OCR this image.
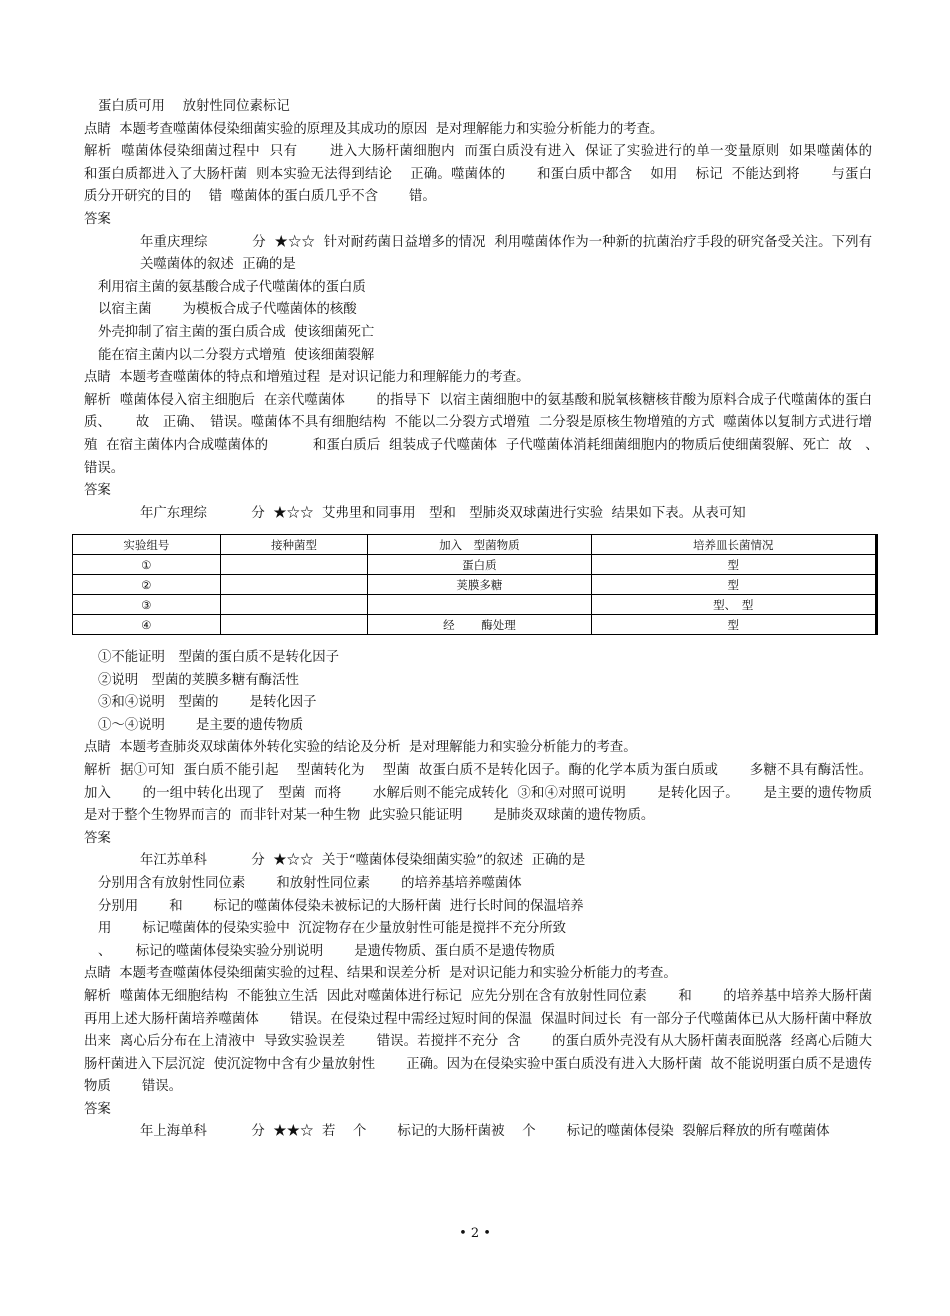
蛋白质可用　 放射性同位素标记

点睛  本题考查噬菌体侵染细菌实验的原理及其成功的原因  是对理解能力和实验分析能力的考查。

解析  噬菌体侵染细菌过程中  只有　　 进入大肠杆菌细胞内  而蛋白质没有进入  保证了实验进行的单一变量原则  如果噬菌体的　　 和蛋白质都进入了大肠杆菌  则本实验无法得到结论　 正确。噬菌体的　　 和蛋白质中都含　 如用　 标记  不能达到将　　 与蛋白质分开研究的目的　 错  噬菌体的蛋白质几乎不含　　 错。

答案

年重庆理综　　　 分  ★☆☆  针对耐药菌日益增多的情况  利用噬菌体作为一种新的抗菌治疗手段的研究备受关注。下列有关噬菌体的叙述  正确的是

利用宿主菌的氨基酸合成子代噬菌体的蛋白质

以宿主菌　　 为模板合成子代噬菌体的核酸

外壳抑制了宿主菌的蛋白质合成  使该细菌死亡

能在宿主菌内以二分裂方式增殖  使该细菌裂解

点睛  本题考查噬菌体的特点和增殖过程  是对识记能力和理解能力的考查。

解析  噬菌体侵入宿主细胞后  在亲代噬菌体　　 的指导下  以宿主菌细胞中的氨基酸和脱氧核糖核苷酸为原料合成子代噬菌体的蛋白质、　　 故　正确、　错误。噬菌体不具有细胞结构  不能以二分裂方式增殖  二分裂是原核生物增殖的方式  噬菌体以复制方式进行增殖  在宿主菌体内合成噬菌体的　　　 和蛋白质后  组装成子代噬菌体  子代噬菌体消耗细菌细胞内的物质后使细菌裂解、死亡  故　、　错误。

答案

年广东理综　　　 分  ★☆☆  艾弗里和同事用　型和　型肺炎双球菌进行实验  结果如下表。从表可知

实验组号	接种菌型	加入　型菌物质	培养皿长菌情况
①		蛋白质	型
②		荚膜多糖	型
③			型、　型
④		经　　 酶处理	型

①不能证明　型菌的蛋白质不是转化因子

②说明　型菌的荚膜多糖有酶活性

③和④说明　型菌的　　 是转化因子

①～④说明　　 是主要的遗传物质

点睛  本题考查肺炎双球菌体外转化实验的结论及分析  是对理解能力和实验分析能力的考查。

解析  据①可知  蛋白质不能引起　 型菌转化为　 型菌  故蛋白质不是转化因子。酶的化学本质为蛋白质或　　 多糖不具有酶活性。加入　　 的一组中转化出现了　型菌  而将　　 水解后则不能完成转化  ③和④对照可说明　　 是转化因子。　　 是主要的遗传物质是对于整个生物界而言的  而非针对某一种生物  此实验只能证明　　 是肺炎双球菌的遗传物质。

答案

年江苏单科　　　 分  ★☆☆  关于“噬菌体侵染细菌实验”的叙述  正确的是

分别用含有放射性同位素　　 和放射性同位素　　 的培养基培养噬菌体

分别用　　 和　　 标记的噬菌体侵染未被标记的大肠杆菌  进行长时间的保温培养

用　　 标记噬菌体的侵染实验中  沉淀物存在少量放射性可能是搅拌不充分所致

、　　 标记的噬菌体侵染实验分别说明　　 是遗传物质、蛋白质不是遗传物质

点睛  本题考查噬菌体侵染细菌实验的过程、结果和误差分析  是对识记能力和实验分析能力的考查。

解析  噬菌体无细胞结构  不能独立生活  因此对噬菌体进行标记  应先分别在含有放射性同位素　　 和　　 的培养基中培养大肠杆菌  再用上述大肠杆菌培养噬菌体　　 错误。在侵染过程中需经过短时间的保温  保温时间过长  有一部分子代噬菌体已从大肠杆菌中释放出来  离心后分布在上清液中  导致实验误差　　 错误。若搅拌不充分  含　　 的蛋白质外壳没有从大肠杆菌表面脱落  经离心后随大肠杆菌进入下层沉淀  使沉淀物中含有少量放射性　　 正确。因为在侵染实验中蛋白质没有进入大肠杆菌  故不能说明蛋白质不是遗传物质　　 错误。

答案

年上海单科　　　 分  ★★☆  若　 个　　 标记的大肠杆菌被　 个　　 标记的噬菌体侵染  裂解后释放的所有噬菌体

• 2 •
